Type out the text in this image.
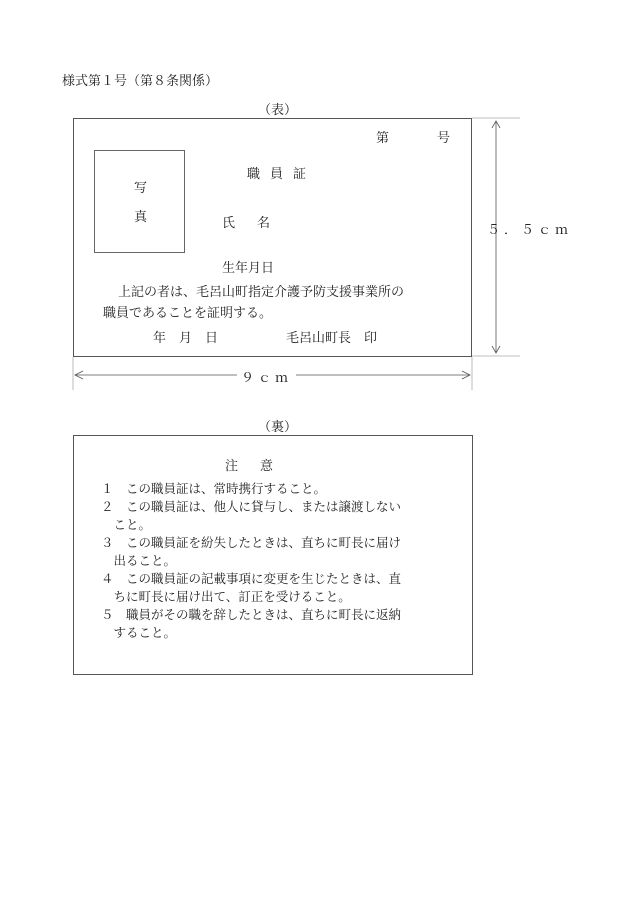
様式第１号（第８条関係）
（表）
第	号
写
真
職員証
氏名
生年月日
上記の者は、毛呂山町指定介護予防支援事業所の
職員であることを証明する。
年　月　日	毛呂山町長　印
５．５ｃｍ
９ｃｍ
（裏）
注意
１　この職員証は、常時携行すること。
２　この職員証は、他人に貸与し、または譲渡しない
　こと。
３　この職員証を紛失したときは、直ちに町長に届け
　出ること。
４　この職員証の記載事項に変更を生じたときは、直
　ちに町長に届け出て、訂正を受けること。
５　職員がその職を辞したときは、直ちに町長に返納
　すること。
